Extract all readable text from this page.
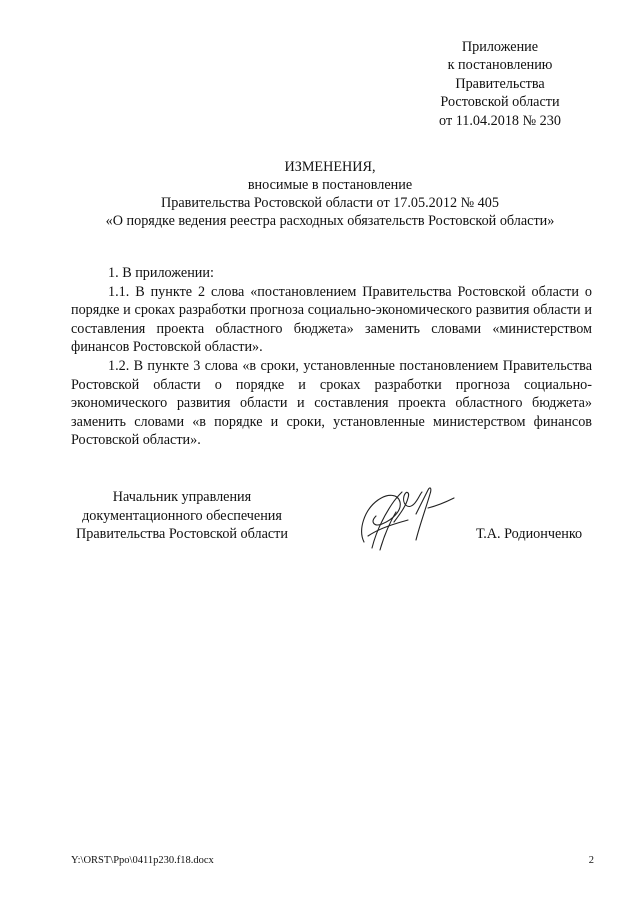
Приложение
к постановлению
Правительства
Ростовской области
от 11.04.2018 № 230
ИЗМЕНЕНИЯ,
вносимые в постановление
Правительства Ростовской области от 17.05.2012 № 405
«О порядке ведения реестра расходных обязательств Ростовской области»

1. В приложении:

1.1. В пункте 2 слова «постановлением Правительства Ростовской области о порядке и сроках разработки прогноза социально-экономического развития области и составления проекта областного бюджета» заменить словами «министерством финансов Ростовской области».

1.2. В пункте 3 слова «в сроки, установленные постановлением Правительства Ростовской области о порядке и сроках разработки прогноза социально-экономического развития области и составления проекта областного бюджета» заменить словами «в порядке и сроки, установленные министерством финансов Ростовской области».

Начальник управления
документационного обеспечения
Правительства Ростовской области	Т.А. Родионченко
Y:\ORST\Ppo\0411p230.f18.docx	2
